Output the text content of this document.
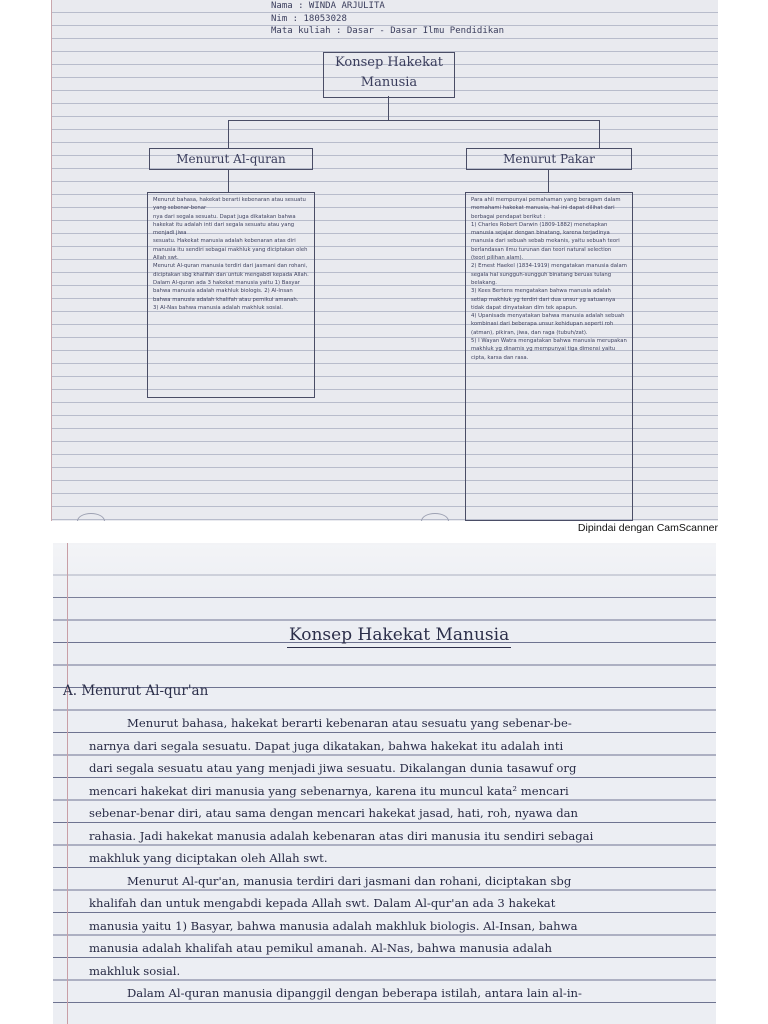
Nama : WINDA ARJULITA
Nim : 18053028
Mata kuliah : Dasar - Dasar Ilmu Pendidikan
Konsep Hakekat
Manusia
Menurut Al-quran	Menurut Pakar

Menurut bahasa, hakekat berarti kebenaran atau sesuatu yang sebenar-benar

nya dari segala sesuatu. Dapat juga dikatakan bahwa hakekat itu adalah inti dari segala sesuatu atau yang menjadi jiwa

sesuatu. Hakekat manusia adalah kebenaran atas diri manusia itu sendiri sebagai makhluk yang diciptakan oleh Allah swt.

Menurut Al-quran manusia terdiri dari jasmani dan rohani, diciptakan sbg khalifah dan untuk mengabdi kepada Allah.

Dalam Al-quran ada 3 hakekat manusia yaitu 1) Basyar bahwa manusia adalah makhluk biologis. 2) Al-Insan bahwa manusia adalah khalifah atau pemikul amanah.

3) Al-Nas bahwa manusia adalah makhluk sosial.

Para ahli mempunyai pemahaman yang beragam dalam memahami hakekat manusia, hal ini dapat dilihat dari berbagai pendapat berikut :

1) Charles Robert Darwin (1809-1882) menetapkan manusia sejajar dengan binatang, karena terjadinya manusia dari sebuah sebab mekanis, yaitu sebuah teori berlandasan ilmu turunan dan teori natural selection (teori pilihan alam).

2) Ernest Haekel (1834-1919) mengatakan manusia dalam segala hal sungguh-sungguh binatang beruas tulang belakang.

3) Kees Bertens mengatakan bahwa manusia adalah setiap makhluk yg terdiri dari dua unsur yg satuannya tidak dapat dinyatakan dlm tek apapun.

4) Upanisads menyatakan bahwa manusia adalah sebuah kombinasi dari beberapa unsur kehidupan seperti roh (atman), pikiran, jiwa, dan raga (tubuh/zat).

5) I Wayan Watra mengatakan bahwa manusia merupakan makhluk yg dinamis yg mempunyai tiga dimensi yaitu cipta, karsa dan rasa.

Dipindai dengan CamScanner
Konsep Hakekat Manusia
A. Menurut Al-qur'an
Menurut bahasa, hakekat berarti kebenaran atau sesuatu yang sebenar-be-
narnya dari segala sesuatu. Dapat juga dikatakan, bahwa hakekat itu adalah inti
dari segala sesuatu atau yang menjadi jiwa sesuatu. Dikalangan dunia tasawuf org
mencari hakekat diri manusia yang sebenarnya, karena itu muncul kata² mencari
sebenar-benar diri, atau sama dengan mencari hakekat jasad, hati, roh, nyawa dan
rahasia. Jadi hakekat manusia adalah kebenaran atas diri manusia itu sendiri sebagai
makhluk yang diciptakan oleh Allah swt.
Menurut Al-qur'an, manusia terdiri dari jasmani dan rohani, diciptakan sbg
khalifah dan untuk mengabdi kepada Allah swt. Dalam Al-qur'an ada 3 hakekat
manusia yaitu 1) Basyar, bahwa manusia adalah makhluk biologis. Al-Insan, bahwa
manusia adalah khalifah atau pemikul amanah. Al-Nas, bahwa manusia adalah
makhluk sosial.
Dalam Al-quran manusia dipanggil dengan beberapa istilah, antara lain al-in-
